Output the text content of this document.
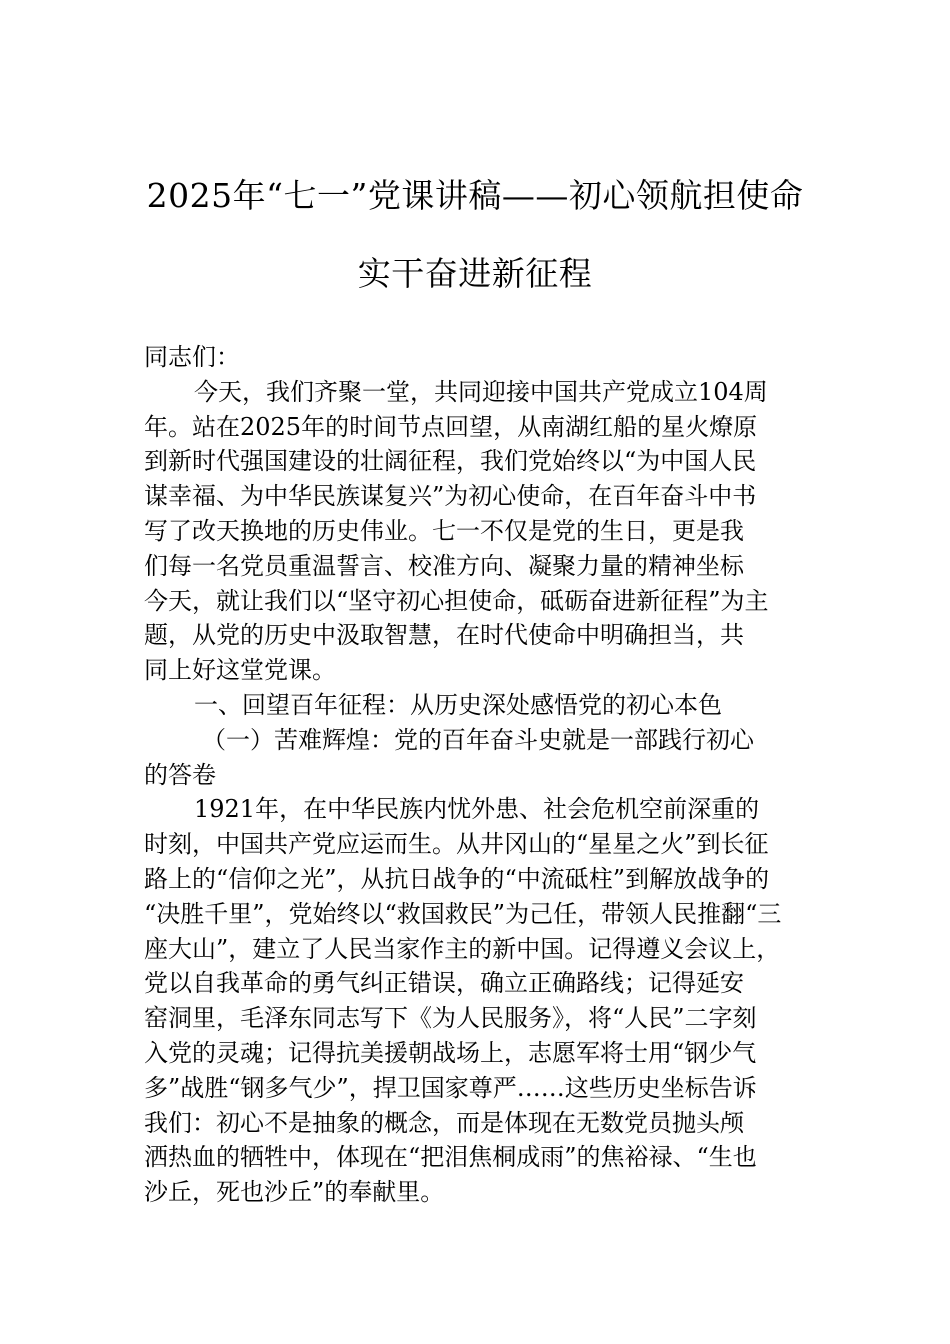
2025年“七一”党课讲稿——初心领航担使命
实干奋进新征程
同志们：
今天，我们齐聚一堂，共同迎接中国共产党成立104周
年。站在2025年的时间节点回望，从南湖红船的星火燎原
到新时代强国建设的壮阔征程，我们党始终以“为中国人民
谋幸福、为中华民族谋复兴”为初心使命，在百年奋斗中书
写了改天换地的历史伟业。七一不仅是党的生日，更是我
们每一名党员重温誓言、校准方向、凝聚力量的精神坐标
今天，就让我们以“坚守初心担使命，砥砺奋进新征程”为主
题，从党的历史中汲取智慧，在时代使命中明确担当，共
同上好这堂党课。
一、回望百年征程：从历史深处感悟党的初心本色
（一）苦难辉煌：党的百年奋斗史就是一部践行初心
的答卷
1921年，在中华民族内忧外患、社会危机空前深重的
时刻，中国共产党应运而生。从井冈山的“星星之火”到长征
路上的“信仰之光”，从抗日战争的“中流砥柱”到解放战争的
“决胜千里”，党始终以“救国救民”为己任，带领人民推翻“三
座大山”，建立了人民当家作主的新中国。记得遵义会议上，
党以自我革命的勇气纠正错误，确立正确路线；记得延安
窑洞里，毛泽东同志写下《为人民服务》，将“人民”二字刻
入党的灵魂；记得抗美援朝战场上，志愿军将士用“钢少气
多”战胜“钢多气少”，捍卫国家尊严……这些历史坐标告诉
我们：初心不是抽象的概念，而是体现在无数党员抛头颅
洒热血的牺牲中，体现在“把泪焦桐成雨”的焦裕禄、“生也
沙丘，死也沙丘”的奉献里。
